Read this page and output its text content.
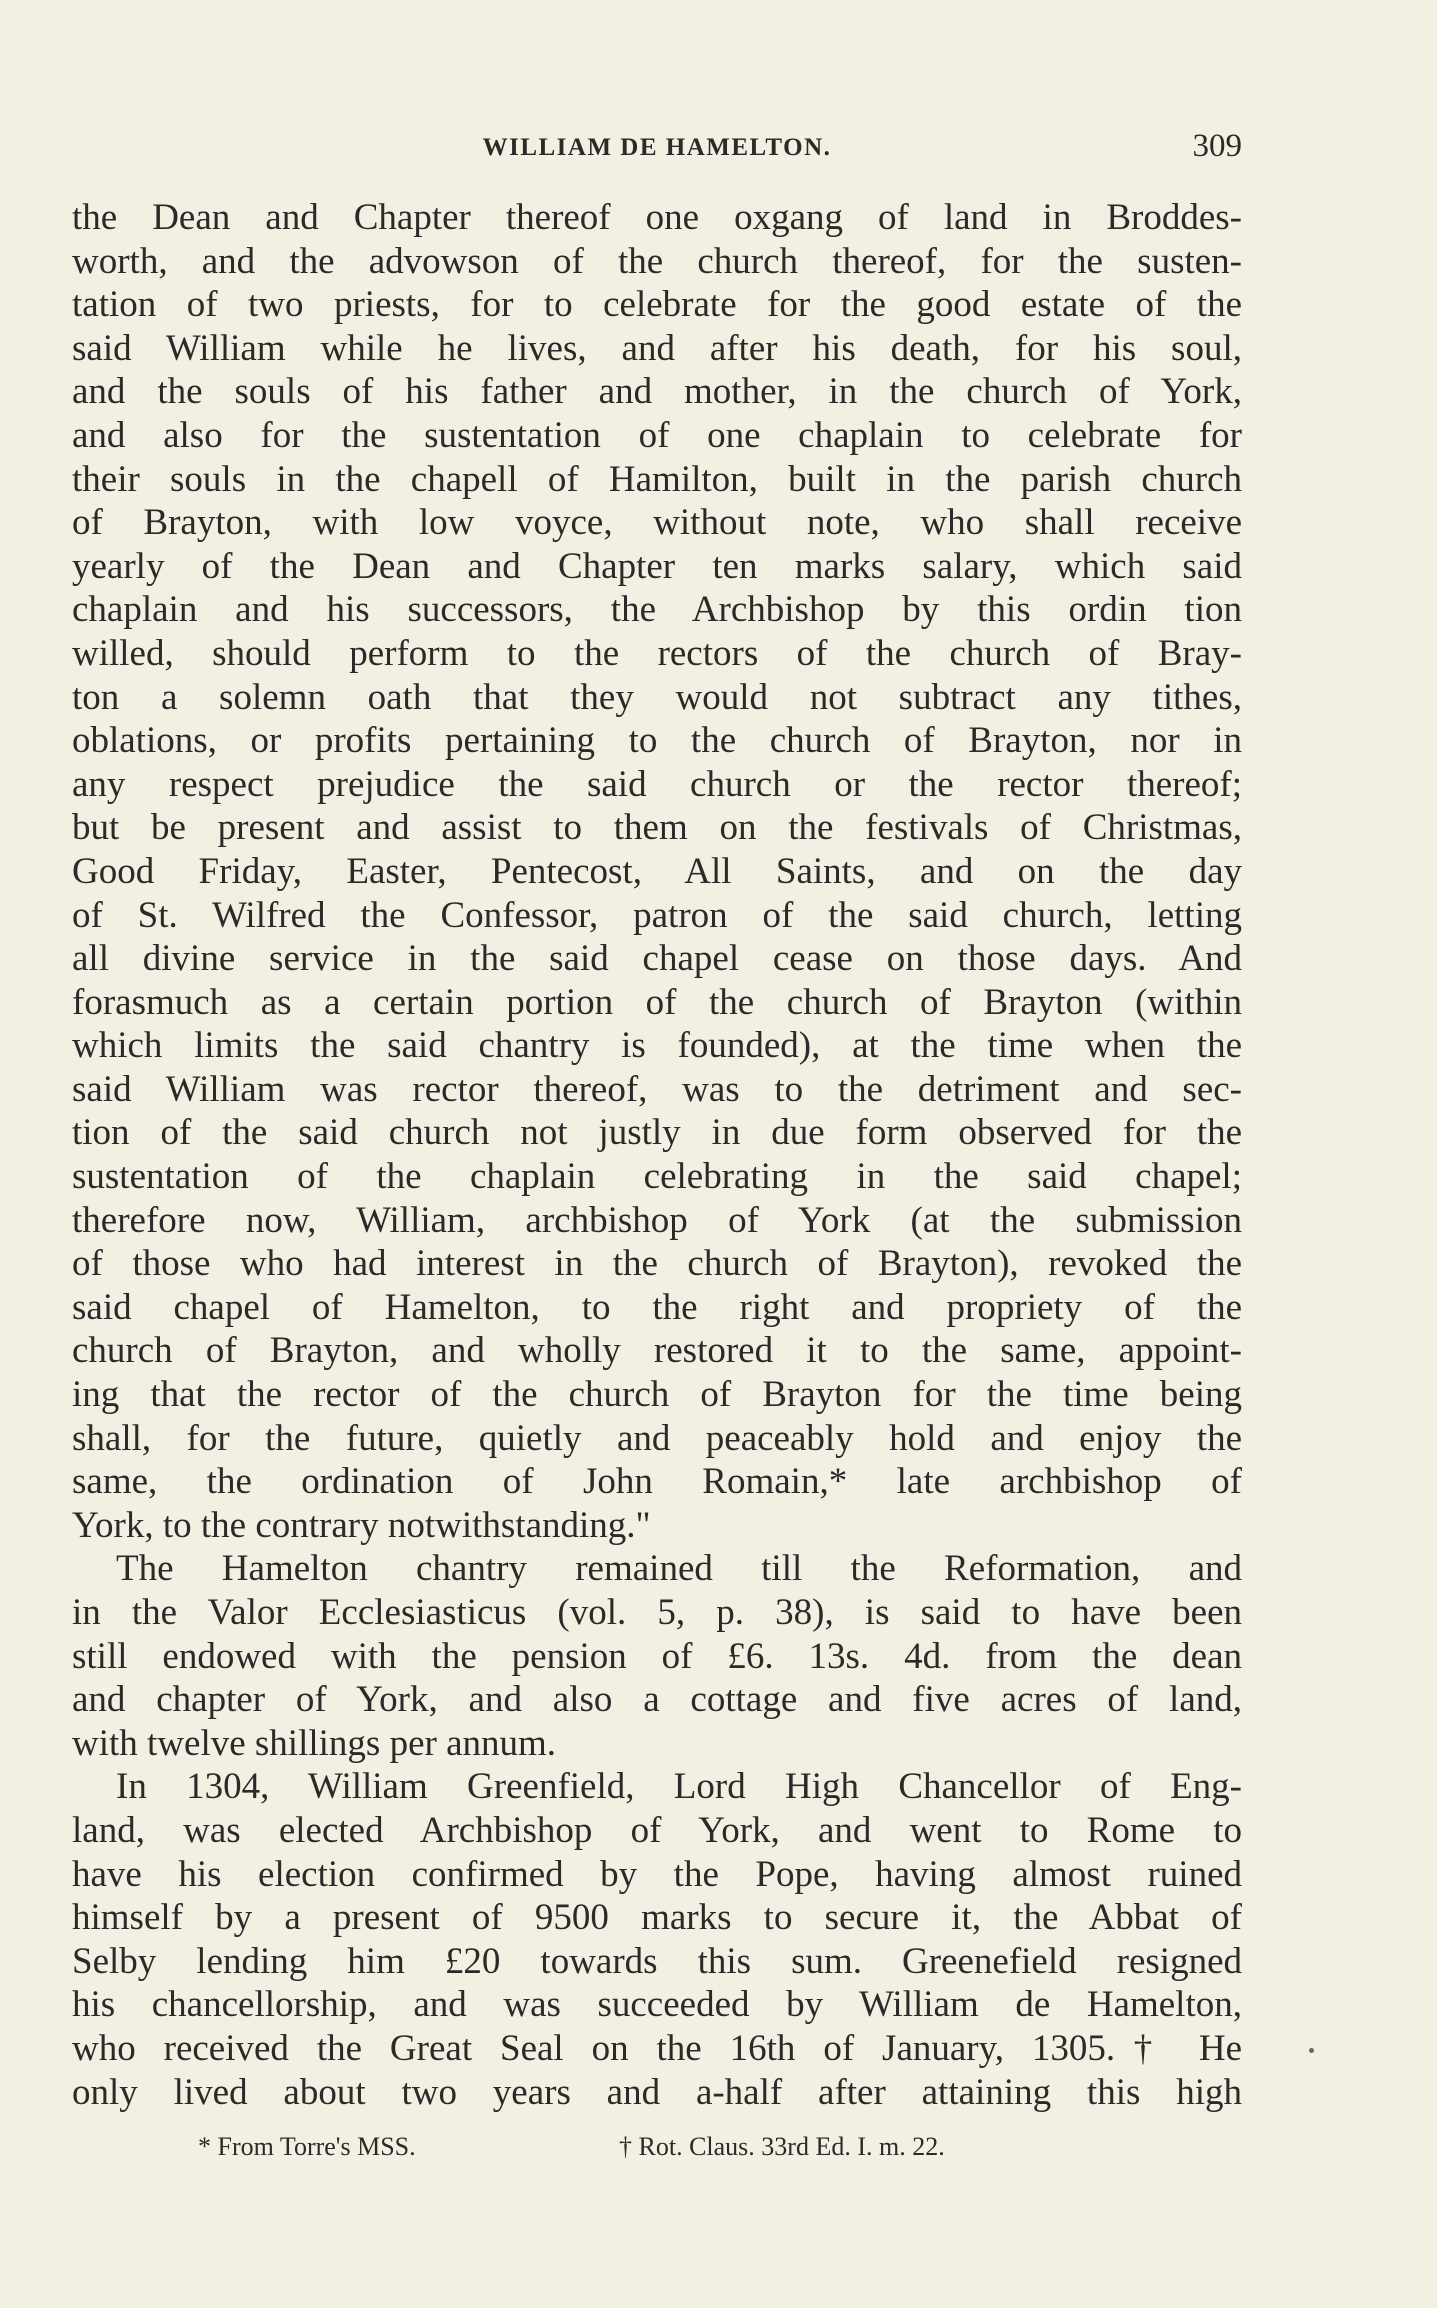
WILLIAM DE HAMELTON.	309
the Dean and Chapter thereof one oxgang of land in Broddes-
worth, and the advowson of the church thereof, for the susten-
tation of two priests, for to celebrate for the good estate of the
said William while he lives, and after his death, for his soul,
and the souls of his father and mother, in the church of York,
and also for the sustentation of one chaplain to celebrate for
their souls in the chapell of Hamilton, built in the parish church
of Brayton, with low voyce, without note, who shall receive
yearly of the Dean and Chapter ten marks salary, which said
chaplain and his successors, the Archbishop by this ordin tion
willed, should perform to the rectors of the church of Bray-
ton a solemn oath that they would not subtract any tithes,
oblations, or profits pertaining to the church of Brayton, nor in
any respect prejudice the said church or the rector thereof;
but be present and assist to them on the festivals of Christmas,
Good Friday, Easter, Pentecost, All Saints, and on the day
of St. Wilfred the Confessor, patron of the said church, letting
all divine service in the said chapel cease on those days. And
forasmuch as a certain portion of the church of Brayton (within
which limits the said chantry is founded), at the time when the
said William was rector thereof, was to the detriment and sec-
tion of the said church not justly in due form observed for the
sustentation of the chaplain celebrating in the said chapel;
therefore now, William, archbishop of York (at the submission
of those who had interest in the church of Brayton), revoked the
said chapel of Hamelton, to the right and propriety of the
church of Brayton, and wholly restored it to the same, appoint-
ing that the rector of the church of Brayton for the time being
shall, for the future, quietly and peaceably hold and enjoy the
same, the ordination of John Romain,* late archbishop of
York, to the contrary notwithstanding."
The Hamelton chantry remained till the Reformation, and
in the Valor Ecclesiasticus (vol. 5, p. 38), is said to have been
still endowed with the pension of £6. 13s. 4d. from the dean
and chapter of York, and also a cottage and five acres of land,
with twelve shillings per annum.
In 1304, William Greenfield, Lord High Chancellor of Eng-
land, was elected Archbishop of York, and went to Rome to
have his election confirmed by the Pope, having almost ruined
himself by a present of 9500 marks to secure it, the Abbat of
Selby lending him £20 towards this sum. Greenefield resigned
his chancellorship, and was succeeded by William de Hamelton,
who received the Great Seal on the 16th of January, 1305.† He
only lived about two years and a-half after attaining this high
* From Torre's MSS.	† Rot. Claus. 33rd Ed. I. m. 22.
